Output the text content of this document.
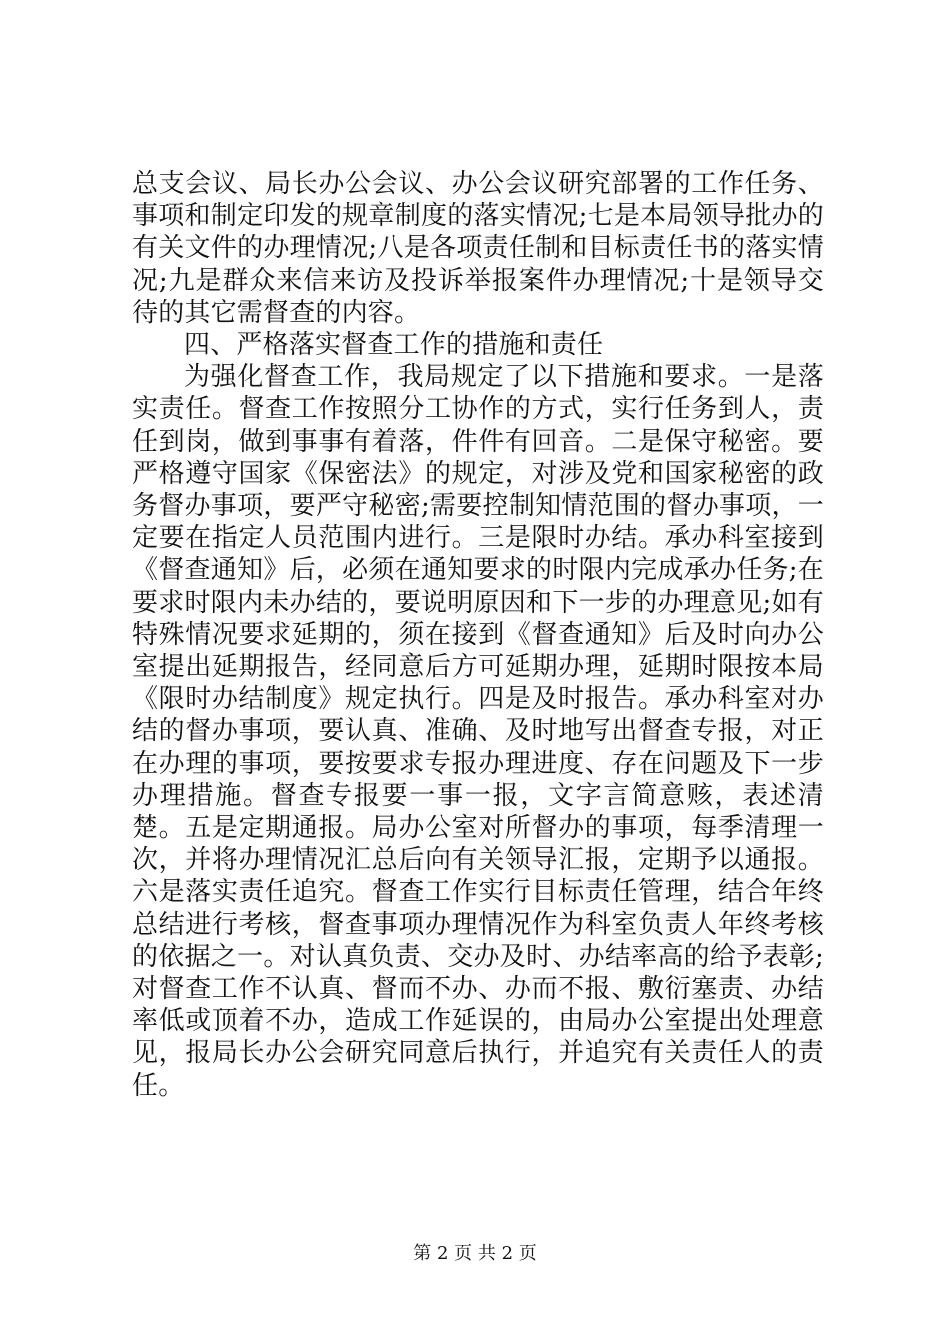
总支会议、局长办公会议、办公会议研究部署的工作任务、事项和制定印发的规章制度的落实情况;七是本局领导批办的有关文件的办理情况;八是各项责任制和目标责任书的落实情况;九是群众来信来访及投诉举报案件办理情况;十是领导交待的其它需督查的内容。

四、严格落实督查工作的措施和责任

为强化督查工作，我局规定了以下措施和要求。一是落实责任。督查工作按照分工协作的方式，实行任务到人，责任到岗，做到事事有着落，件件有回音。二是保守秘密。要严格遵守国家《保密法》的规定，对涉及党和国家秘密的政务督办事项，要严守秘密;需要控制知情范围的督办事项，一定要在指定人员范围内进行。三是限时办结。承办科室接到《督查通知》后，必须在通知要求的时限内完成承办任务;在要求时限内未办结的，要说明原因和下一步的办理意见;如有特殊情况要求延期的，须在接到《督查通知》后及时向办公室提出延期报告，经同意后方可延期办理，延期时限按本局《限时办结制度》规定执行。四是及时报告。承办科室对办结的督办事项，要认真、准确、及时地写出督查专报，对正在办理的事项，要按要求专报办理进度、存在问题及下一步办理措施。督查专报要一事一报，文字言简意赅，表述清楚。五是定期通报。局办公室对所督办的事项，每季清理一次，并将办理情况汇总后向有关领导汇报，定期予以通报。六是落实责任追究。督查工作实行目标责任管理，结合年终总结进行考核，督查事项办理情况作为科室负责人年终考核的依据之一。对认真负责、交办及时、办结率高的给予表彰;对督查工作不认真、督而不办、办而不报、敷衍塞责、办结率低或顶着不办，造成工作延误的，由局办公室提出处理意见，报局长办公会研究同意后执行，并追究有关责任人的责任。

第 2 页 共 2 页
